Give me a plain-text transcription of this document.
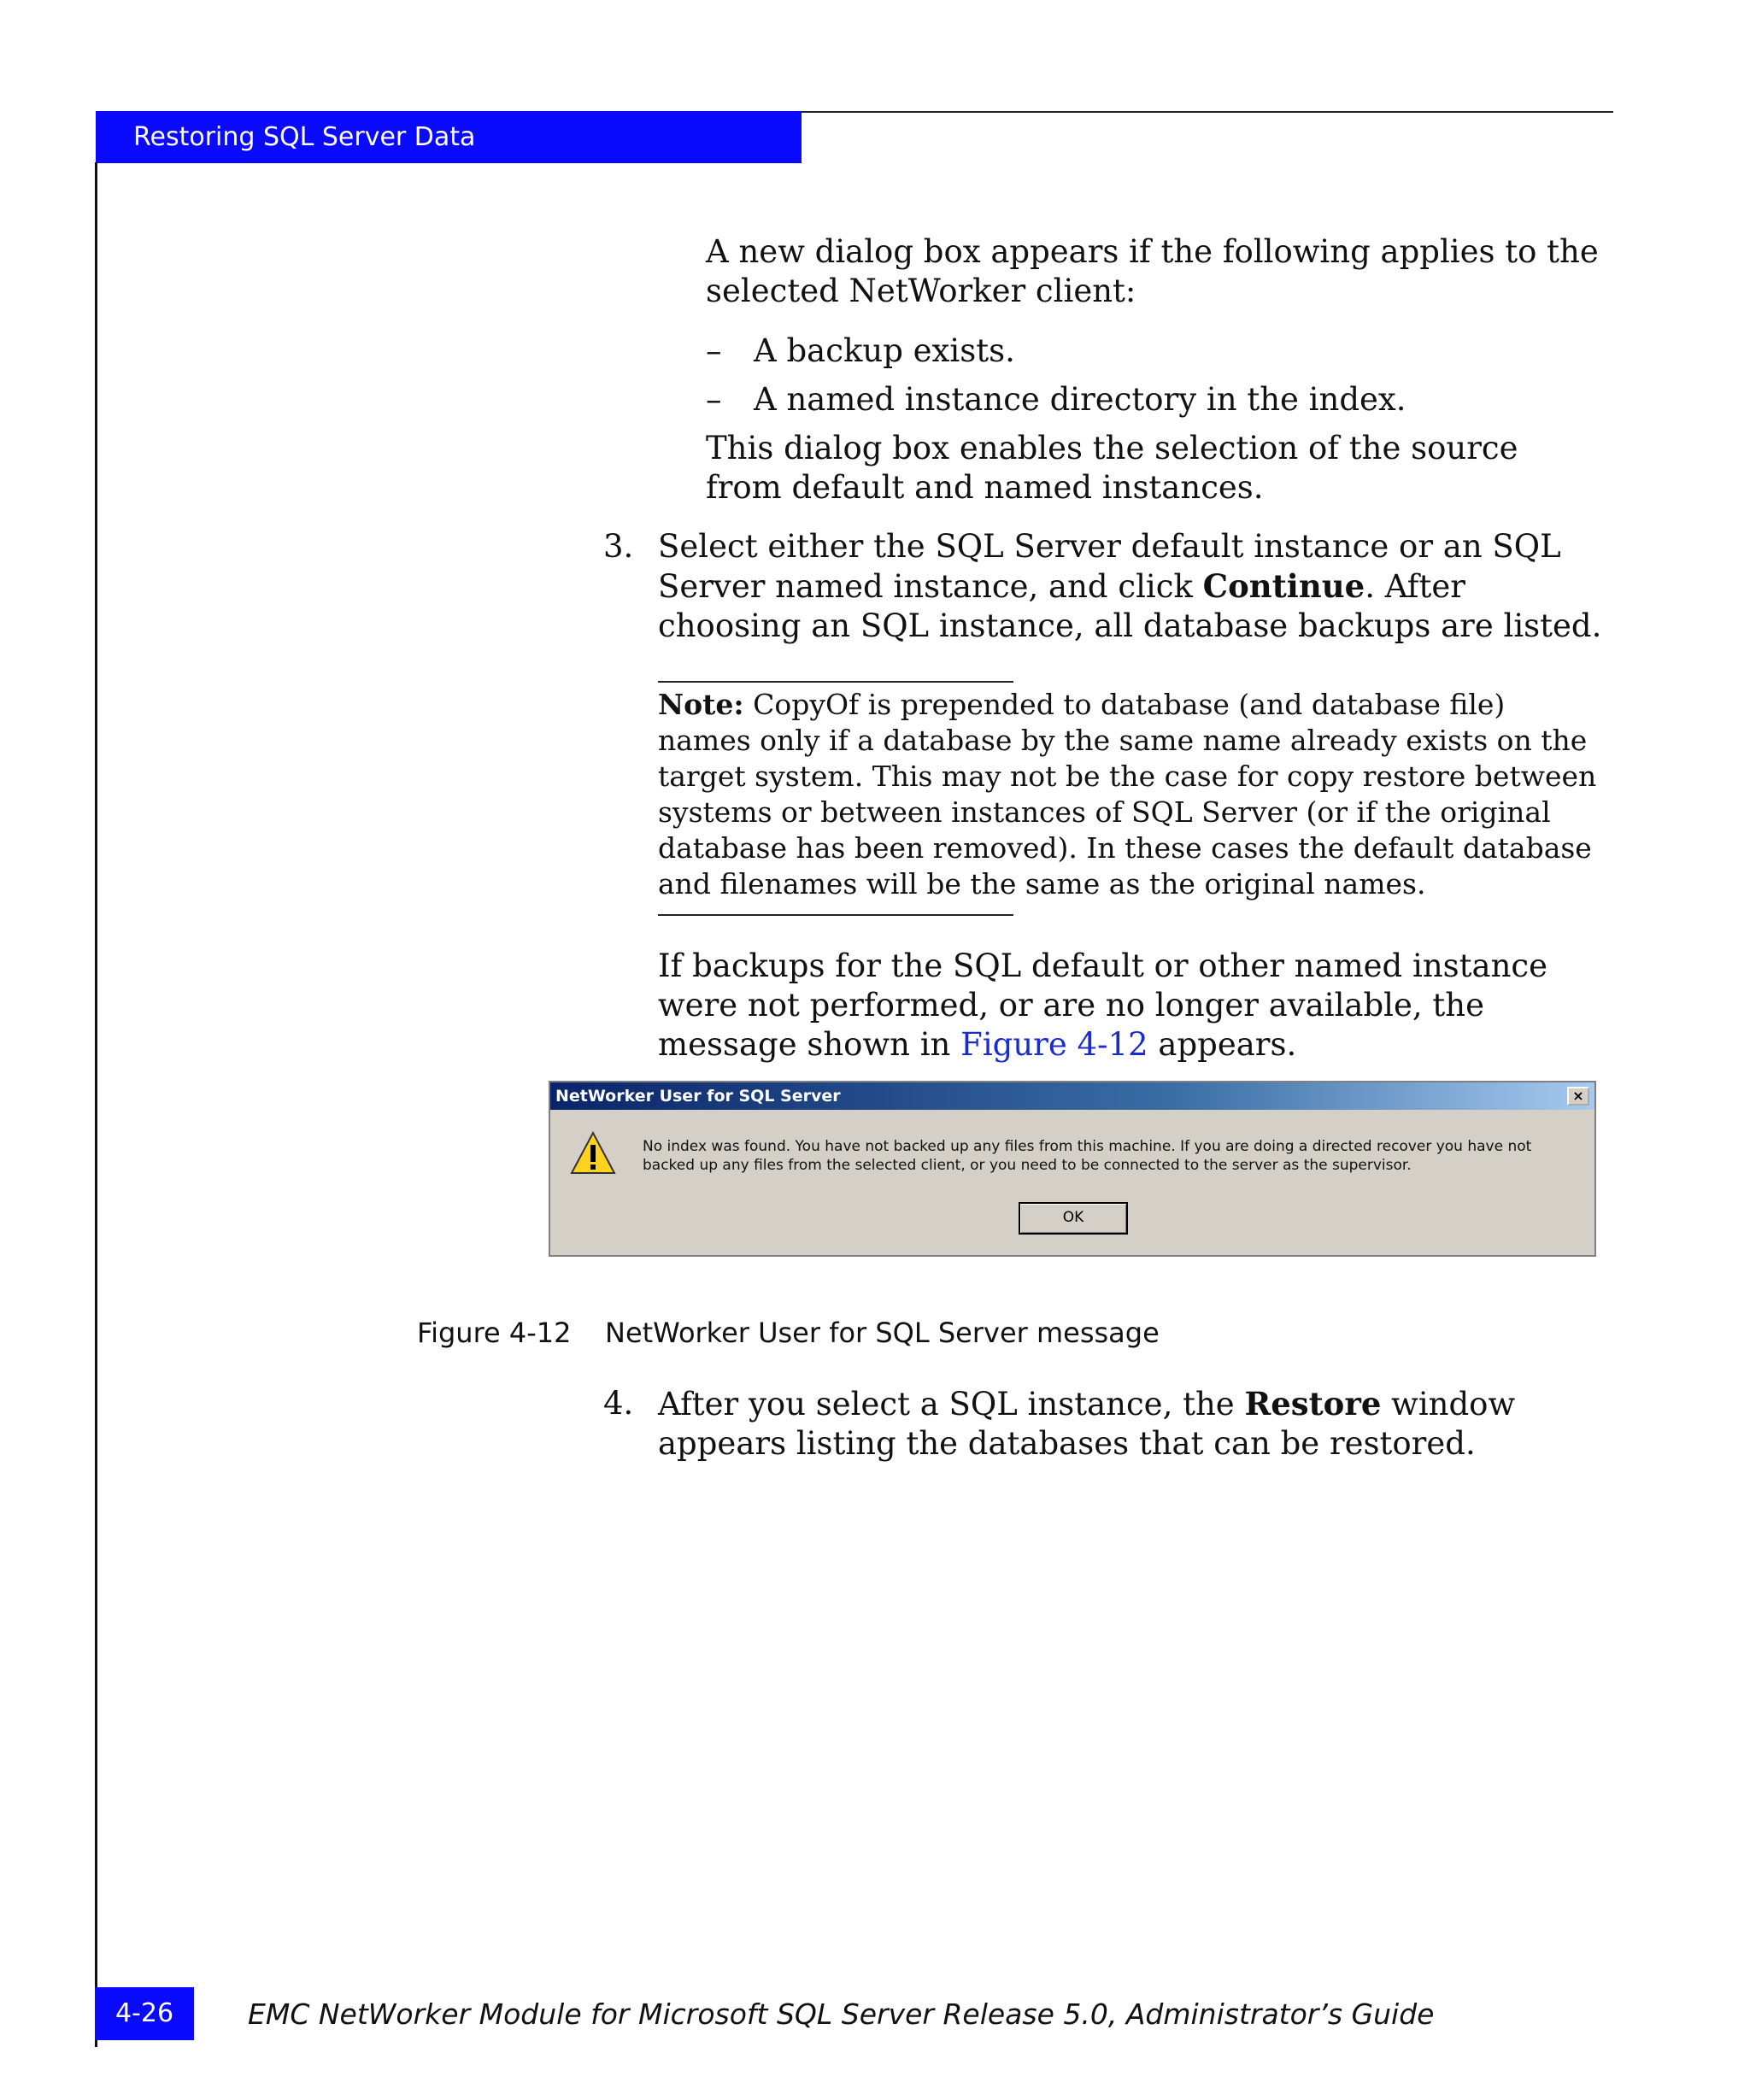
Restoring SQL Server Data
A new dialog box appears if the following applies to the selected NetWorker client:
– A backup exists.
– A named instance directory in the index.
This dialog box enables the selection of the source from default and named instances.
3. Select either the SQL Server default instance or an SQL Server named instance, and click Continue. After choosing an SQL instance, all database backups are listed.
Note: CopyOf is prepended to database (and database file) names only if a database by the same name already exists on the target system. This may not be the case for copy restore between systems or between instances of SQL Server (or if the original database has been removed). In these cases the default database and filenames will be the same as the original names.
If backups for the SQL default or other named instance were not performed, or are no longer available, the message shown in Figure 4-12 appears.
NetWorker User for SQL Server	×
No index was found. You have not backed up any files from this machine. If you are doing a directed recover you have not backed up any files from the selected client, or you need to be connected to the server as the supervisor.
OK
Figure 4-12 NetWorker User for SQL Server message
4. After you select a SQL instance, the Restore window appears listing the databases that can be restored.
4-26	EMC NetWorker Module for Microsoft SQL Server Release 5.0, Administrator’s Guide
